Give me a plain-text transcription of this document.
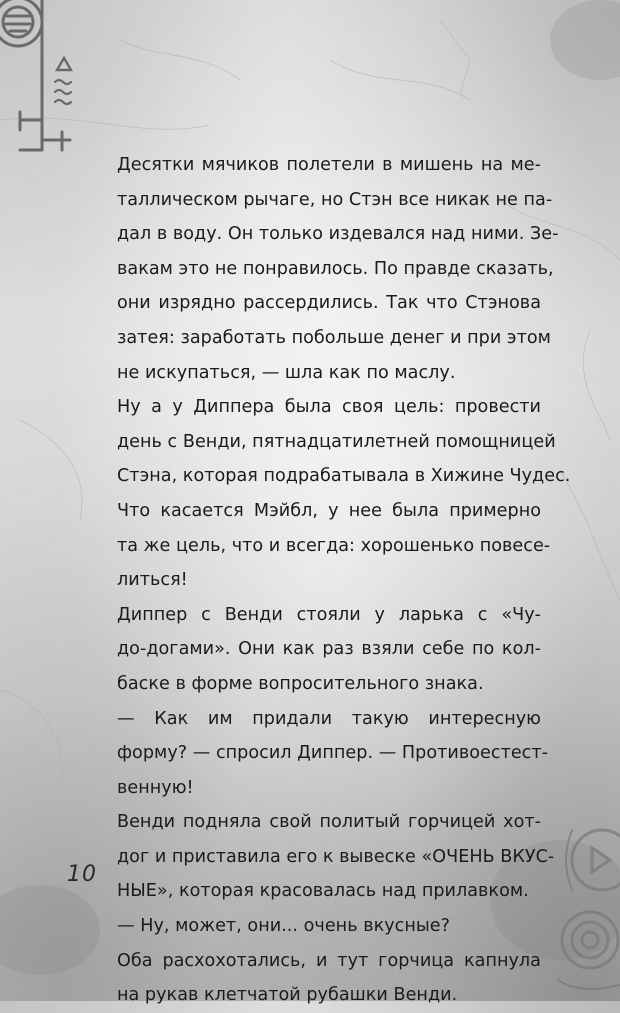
Десятки мячиков полетели в мишень на ме-
таллическом рычаге, но Стэн все никак не па-
дал в воду. Он только издевался над ними. Зе-
вакам это не понравилось. По правде сказать,
они изрядно рассердились. Так что Стэнова
затея: заработать побольше денег и при этом
не искупаться, — шла как по маслу.
Ну а у Диппера была своя цель: провести
день с Венди, пятнадцатилетней помощницей
Стэна, которая подрабатывала в Хижине Чудес.
Что касается Мэйбл, у нее была примерно
та же цель, что и всегда: хорошенько повесе-
литься!
Диппер с Венди стояли у ларька с «Чу-
до-догами». Они как раз взяли себе по кол-
баске в форме вопросительного знака.
— Как им придали такую интересную
форму? — спросил Диппер. — Противоестест-
венную!
Венди подняла свой политый горчицей хот-
дог и приставила его к вывеске «ОЧЕНЬ ВКУС-
НЫЕ», которая красовалась над прилавком.
— Ну, может, они... очень вкусные?
Оба расхохотались, и тут горчица капнула
на рукав клетчатой рубашки Венди.
10
